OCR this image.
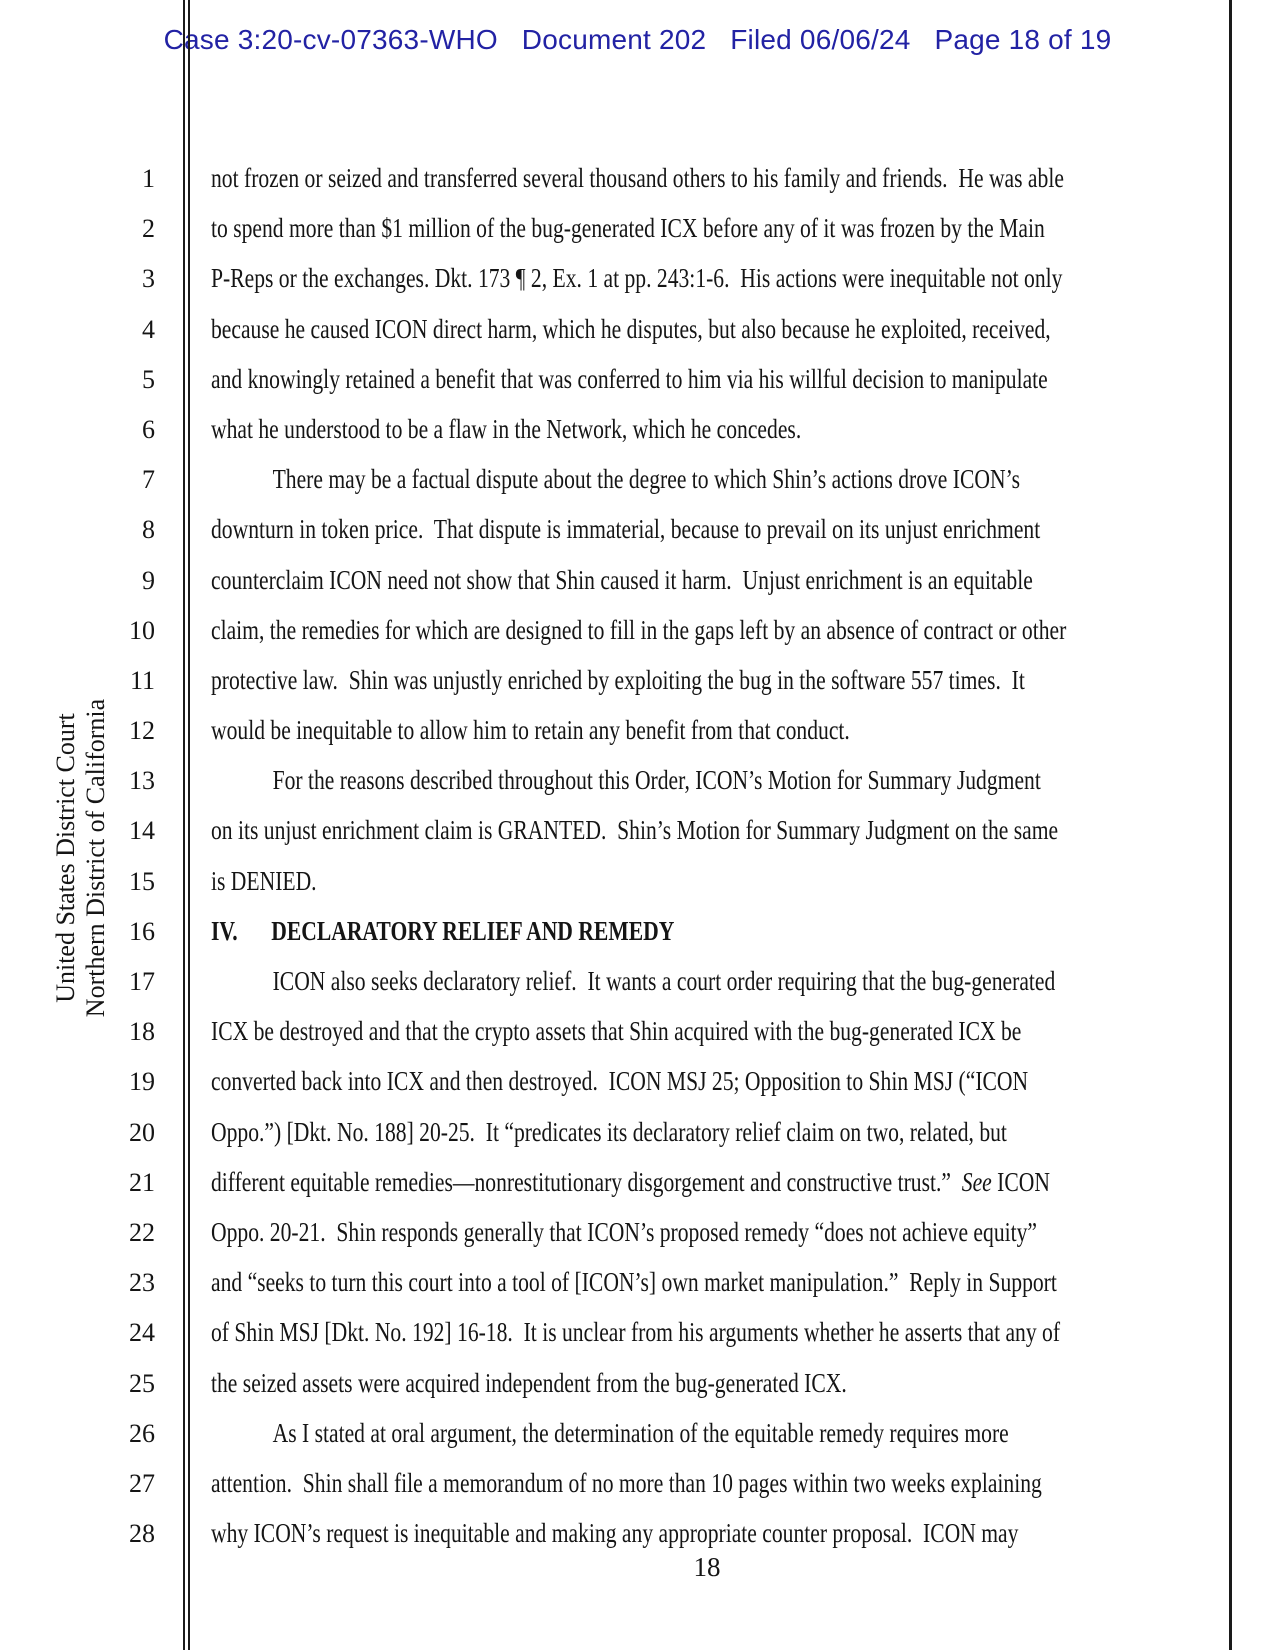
Case 3:20-cv-07363-WHO   Document 202   Filed 06/06/24   Page 18 of 19
United States District Court Northern District of California
1 not frozen or seized and transferred several thousand others to his family and friends.  He was able
2 to spend more than $1 million of the bug-generated ICX before any of it was frozen by the Main
3 P-Reps or the exchanges. Dkt. 173 ¶ 2, Ex. 1 at pp. 243:1-6.  His actions were inequitable not only
4 because he caused ICON direct harm, which he disputes, but also because he exploited, received,
5 and knowingly retained a benefit that was conferred to him via his willful decision to manipulate
6 what he understood to be a flaw in the Network, which he concedes.
7	There may be a factual dispute about the degree to which Shin’s actions drove ICON’s
8 downturn in token price.  That dispute is immaterial, because to prevail on its unjust enrichment
9 counterclaim ICON need not show that Shin caused it harm.  Unjust enrichment is an equitable
10 claim, the remedies for which are designed to fill in the gaps left by an absence of contract or other
11 protective law.  Shin was unjustly enriched by exploiting the bug in the software 557 times.  It
12 would be inequitable to allow him to retain any benefit from that conduct.
13	For the reasons described throughout this Order, ICON’s Motion for Summary Judgment
14 on its unjust enrichment claim is GRANTED.  Shin’s Motion for Summary Judgment on the same
15 is DENIED.
16 IV. DECLARATORY RELIEF AND REMEDY
17	ICON also seeks declaratory relief.  It wants a court order requiring that the bug-generated
18 ICX be destroyed and that the crypto assets that Shin acquired with the bug-generated ICX be
19 converted back into ICX and then destroyed.  ICON MSJ 25; Opposition to Shin MSJ (“ICON
20 Oppo.”) [Dkt. No. 188] 20-25.  It “predicates its declaratory relief claim on two, related, but
21 different equitable remedies—nonrestitutionary disgorgement and constructive trust.”  See ICON
22 Oppo. 20-21.  Shin responds generally that ICON’s proposed remedy “does not achieve equity”
23 and “seeks to turn this court into a tool of [ICON’s] own market manipulation.”  Reply in Support
24 of Shin MSJ [Dkt. No. 192] 16-18.  It is unclear from his arguments whether he asserts that any of
25 the seized assets were acquired independent from the bug-generated ICX.
26	As I stated at oral argument, the determination of the equitable remedy requires more
27 attention.  Shin shall file a memorandum of no more than 10 pages within two weeks explaining
28 why ICON’s request is inequitable and making any appropriate counter proposal.  ICON may
18
